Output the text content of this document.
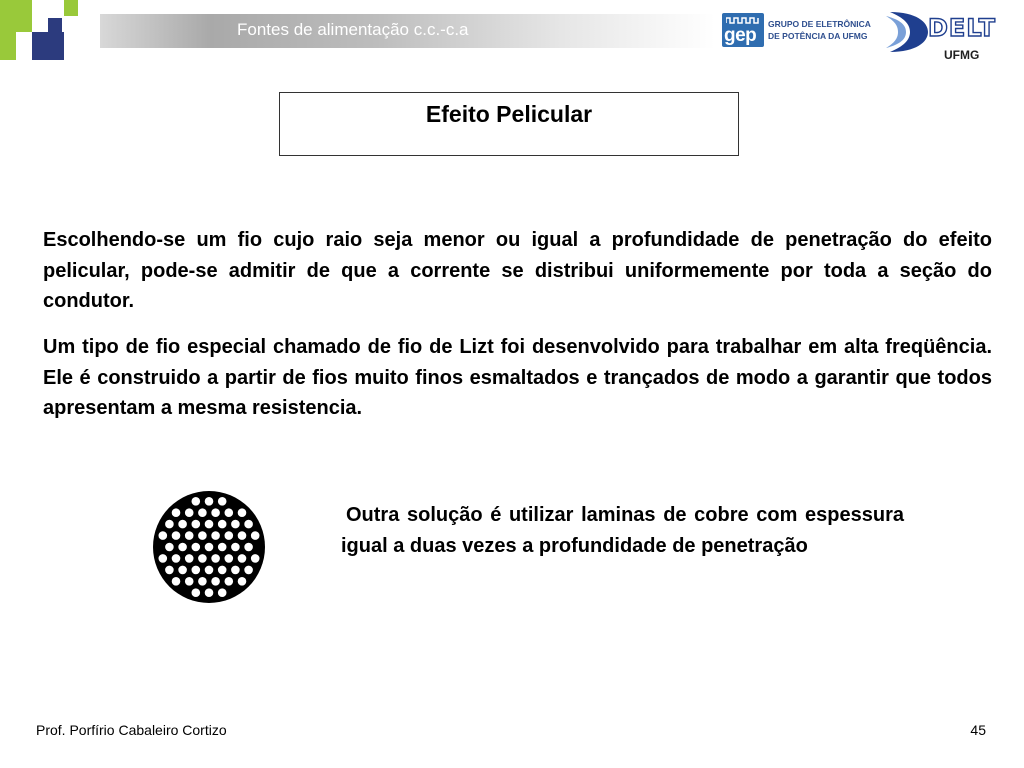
Fontes de alimentação c.c.-c.a	gep
GRUPO DE ELETRÔNICA
DE POTÊNCIA DA UFMG	DELT
UFMG
Efeito Pelicular

Escolhendo-se um fio cujo raio seja menor ou igual a profundidade de penetração do efeito pelicular, pode-se admitir de que a corrente se distribui uniformemente por toda a seção do condutor.

Um tipo de fio especial chamado de fio de Lizt foi desenvolvido para trabalhar em alta freqüência. Ele é construido a partir de fios muito finos esmaltados e trançados de modo a garantir que todos apresentam a mesma resistencia.

Outra solução é utilizar laminas de cobre com espessura igual a duas vezes a profundidade de penetração

Prof. Porfírio Cabaleiro Cortizo	45
